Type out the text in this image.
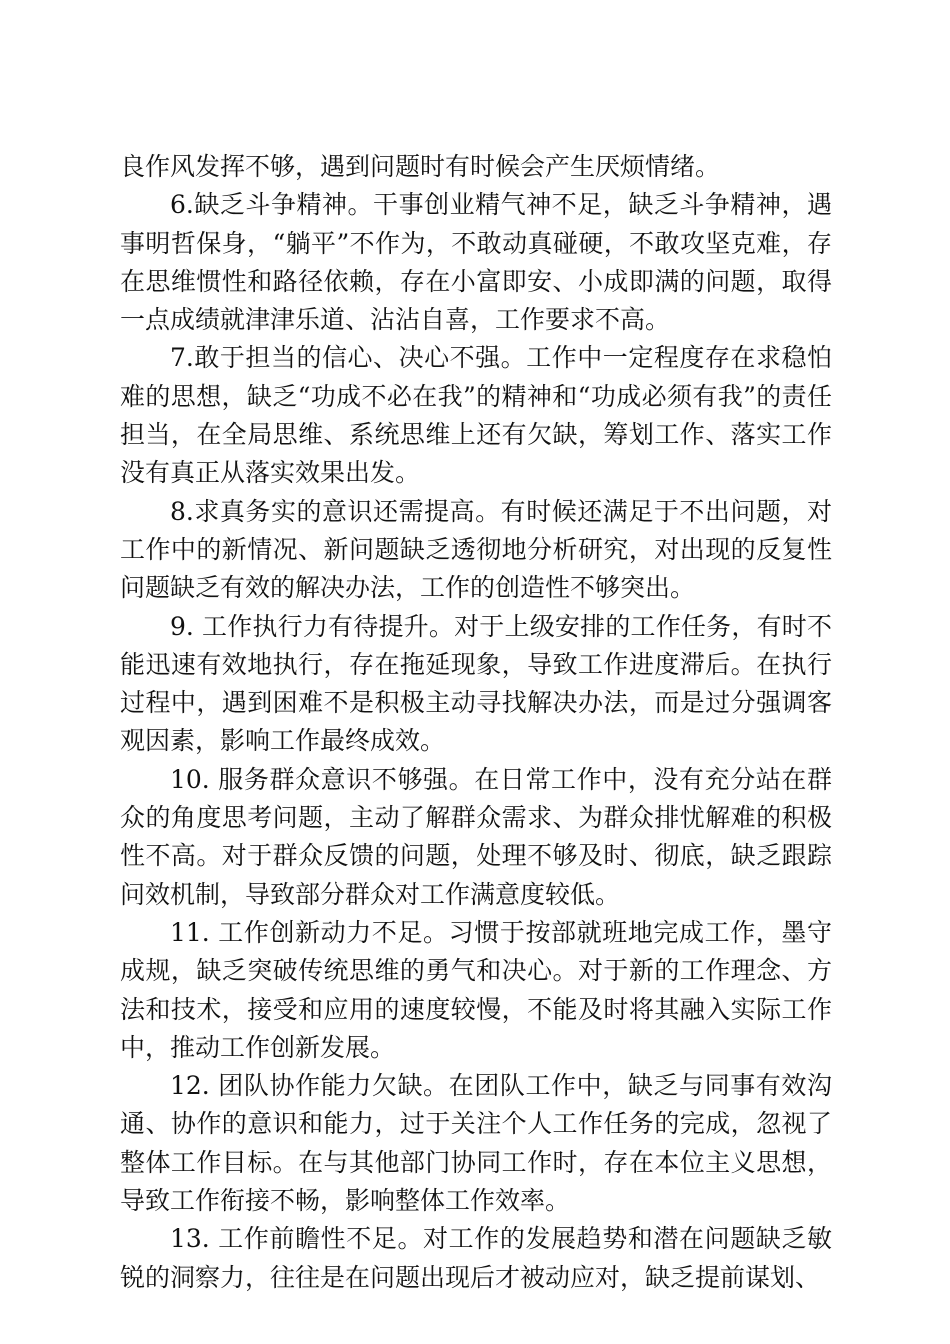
良作风发挥不够，遇到问题时有时候会产生厌烦情绪。

6.缺乏斗争精神。干事创业精气神不足，缺乏斗争精神，遇事明哲保身，“躺平”不作为，不敢动真碰硬，不敢攻坚克难，存在思维惯性和路径依赖，存在小富即安、小成即满的问题，取得一点成绩就津津乐道、沾沾自喜，工作要求不高。

7.敢于担当的信心、决心不强。工作中一定程度存在求稳怕难的思想，缺乏“功成不必在我”的精神和“功成必须有我”的责任担当，在全局思维、系统思维上还有欠缺，筹划工作、落实工作没有真正从落实效果出发。

8.求真务实的意识还需提高。有时候还满足于不出问题，对工作中的新情况、新问题缺乏透彻地分析研究，对出现的反复性问题缺乏有效的解决办法，工作的创造性不够突出。

9. 工作执行力有待提升。对于上级安排的工作任务，有时不能迅速有效地执行，存在拖延现象，导致工作进度滞后。在执行过程中，遇到困难不是积极主动寻找解决办法，而是过分强调客观因素，影响工作最终成效。

10. 服务群众意识不够强。在日常工作中，没有充分站在群众的角度思考问题，主动了解群众需求、为群众排忧解难的积极性不高。对于群众反馈的问题，处理不够及时、彻底，缺乏跟踪问效机制，导致部分群众对工作满意度较低。

11. 工作创新动力不足。习惯于按部就班地完成工作，墨守成规，缺乏突破传统思维的勇气和决心。对于新的工作理念、方法和技术，接受和应用的速度较慢，不能及时将其融入实际工作中，推动工作创新发展。

12. 团队协作能力欠缺。在团队工作中，缺乏与同事有效沟通、协作的意识和能力，过于关注个人工作任务的完成，忽视了整体工作目标。在与其他部门协同工作时，存在本位主义思想，导致工作衔接不畅，影响整体工作效率。

13. 工作前瞻性不足。对工作的发展趋势和潜在问题缺乏敏锐的洞察力，往往是在问题出现后才被动应对，缺乏提前谋划、
